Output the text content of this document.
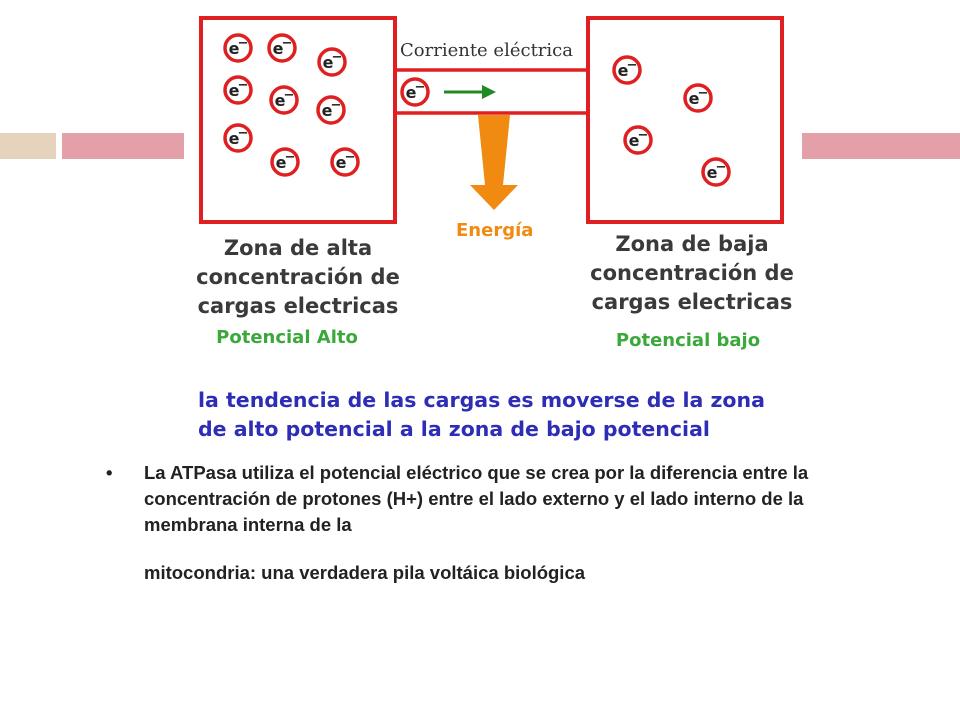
Corriente eléctrica
Energía
e
− e
−
e
−
e
−
e
−
e
−
e
−
e
−	e
−
e
−
e
−
e
−
e
−
e
−
Zona de alta
concentración de
cargas electricas
Potencial Alto
Zona de baja
concentración de
cargas electricas
Potencial bajo
la tendencia de las cargas es moverse de la zona
de alto potencial a la zona de bajo potencial
• La ATPasa utiliza el potencial eléctrico que se crea por la diferencia entre la concentración de protones (H+) entre el lado externo y el lado interno de la membrana interna de la
mitocondria: una verdadera pila voltáica biológica
